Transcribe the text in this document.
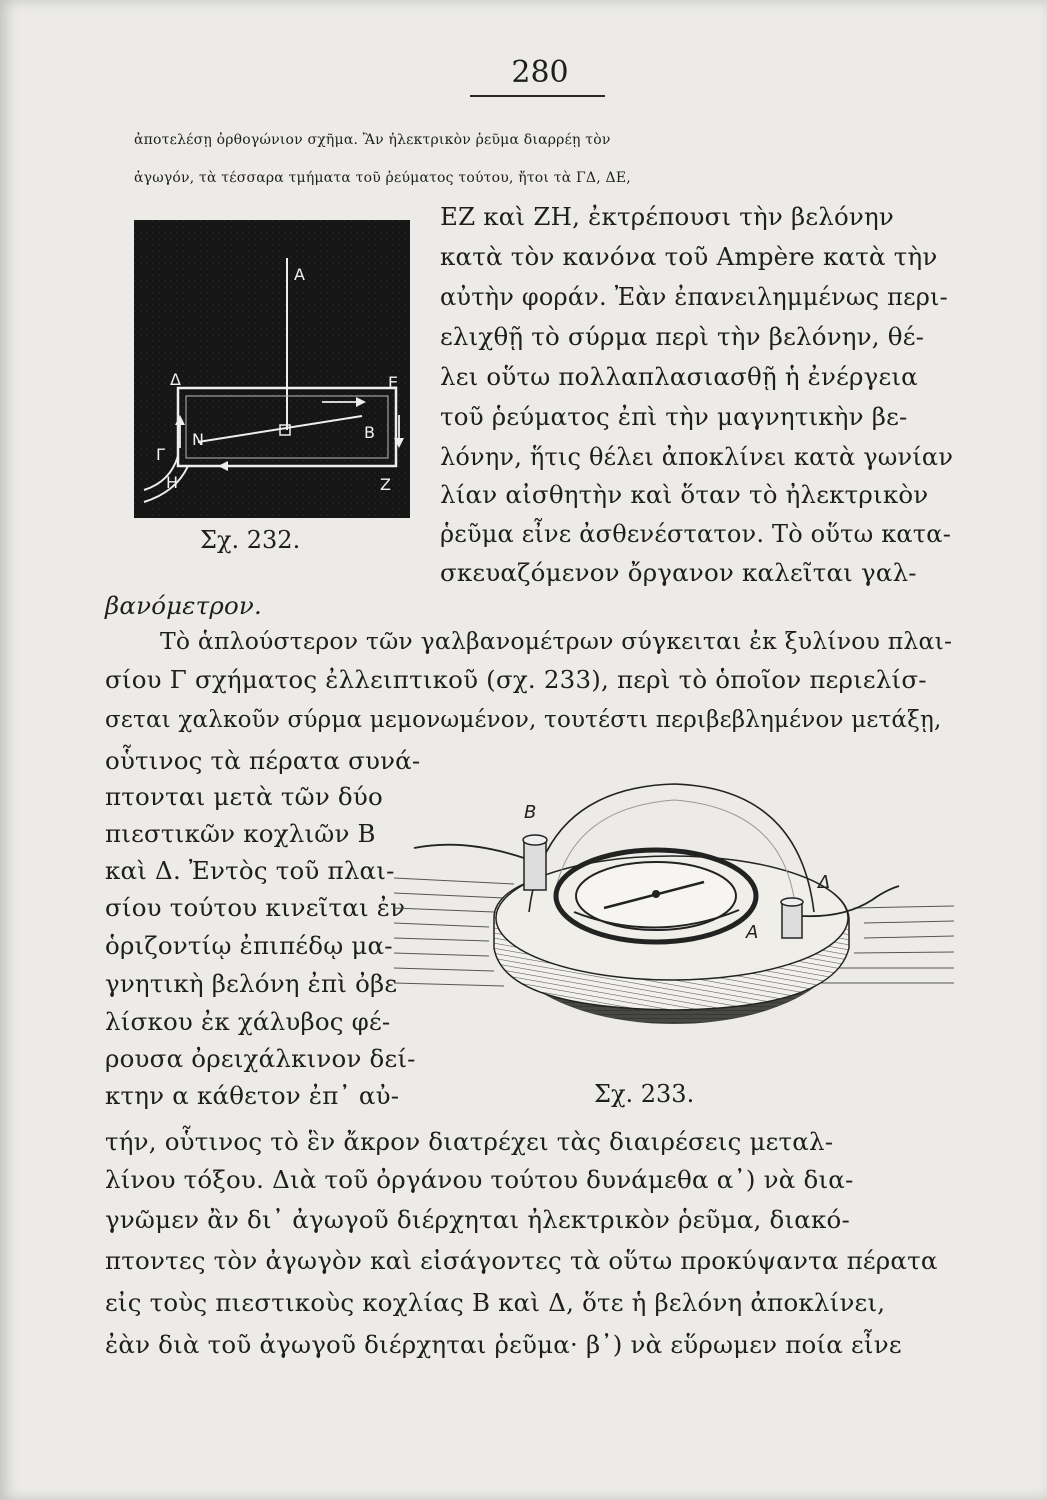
280
ἀποτελέσῃ ὀρθογώνιον σχῆμα. Ἂν ἠλεκτρικὸν ῥεῦμα διαρρέῃ τὸν
ἀγωγόν, τὰ τέσσαρα τμήματα τοῦ ῥεύματος τούτου, ἤτοι τὰ ΓΔ, ΔΕ,
ΕΖ καὶ ΖΗ, ἐκτρέπουσι τὴν βελόνην
κατὰ τὸν κανόνα τοῦ Ampère κατὰ τὴν
αὐτὴν φοράν. Ἐὰν ἐπανειλημμένως περι-
ελιχθῇ τὸ σύρμα περὶ τὴν βελόνην, θέ-
λει οὕτω πολλαπλασιασθῇ ἡ ἐνέργεια
τοῦ ῥεύματος ἐπὶ τὴν μαγνητικὴν βε-
λόνην, ἥτις θέλει ἀποκλίνει κατὰ γωνίαν
λίαν αἰσθητὴν καὶ ὅταν τὸ ἠλεκτρικὸν
ῥεῦμα εἶνε ἀσθενέστατον. Τὸ οὕτω κατα-
σκευαζόμενον ὄργανον καλεῖται γαλ-
βανόμετρον.
Τὸ ἁπλούστερον τῶν γαλβανομέτρων σύγκειται ἐκ ξυλίνου πλαι-
σίου Γ σχήματος ἐλλειπτικοῦ (σχ. 233), περὶ τὸ ὁποῖον περιελίσ-
σεται χαλκοῦν σύρμα μεμονωμένον, τουτέστι περιβεβλημένον μετάξῃ,
οὗτινος τὰ πέρατα συνά-
πτονται μετὰ τῶν δύο
πιεστικῶν κοχλιῶν Β
καὶ Δ. Ἐντὸς τοῦ πλαι-
σίου τούτου κινεῖται ἐν
ὁριζοντίῳ ἐπιπέδῳ μα-
γνητικὴ βελόνη ἐπὶ ὀβε
λίσκου ἐκ χάλυβος φέ-
ρουσα ὀρειχάλκινον δεί-
κτην α κάθετον ἐπ᾽ αὐ-
τήν, οὗτινος τὸ ἓν ἄκρον διατρέχει τὰς διαιρέσεις μεταλ-
λίνου τόξου. Διὰ τοῦ ὀργάνου τούτου δυνάμεθα α᾽) νὰ δια-
γνῶμεν ἂν δι᾽ ἀγωγοῦ διέρχηται ἠλεκτρικὸν ῥεῦμα, διακό-
πτοντες τὸν ἀγωγὸν καὶ εἰσάγοντες τὰ οὕτω προκύψαντα πέρατα
εἰς τοὺς πιεστικοὺς κοχλίας Β καὶ Δ, ὅτε ἡ βελόνη ἀποκλίνει,
ἐὰν διὰ τοῦ ἀγωγοῦ διέρχηται ῥεῦμα· β᾽) νὰ εὕρωμεν ποία εἶνε
Α
Δ	Ε
Γ
N	Β
Η	Ζ
Σχ. 232.
Β
Δ
Α
Σχ. 233.
